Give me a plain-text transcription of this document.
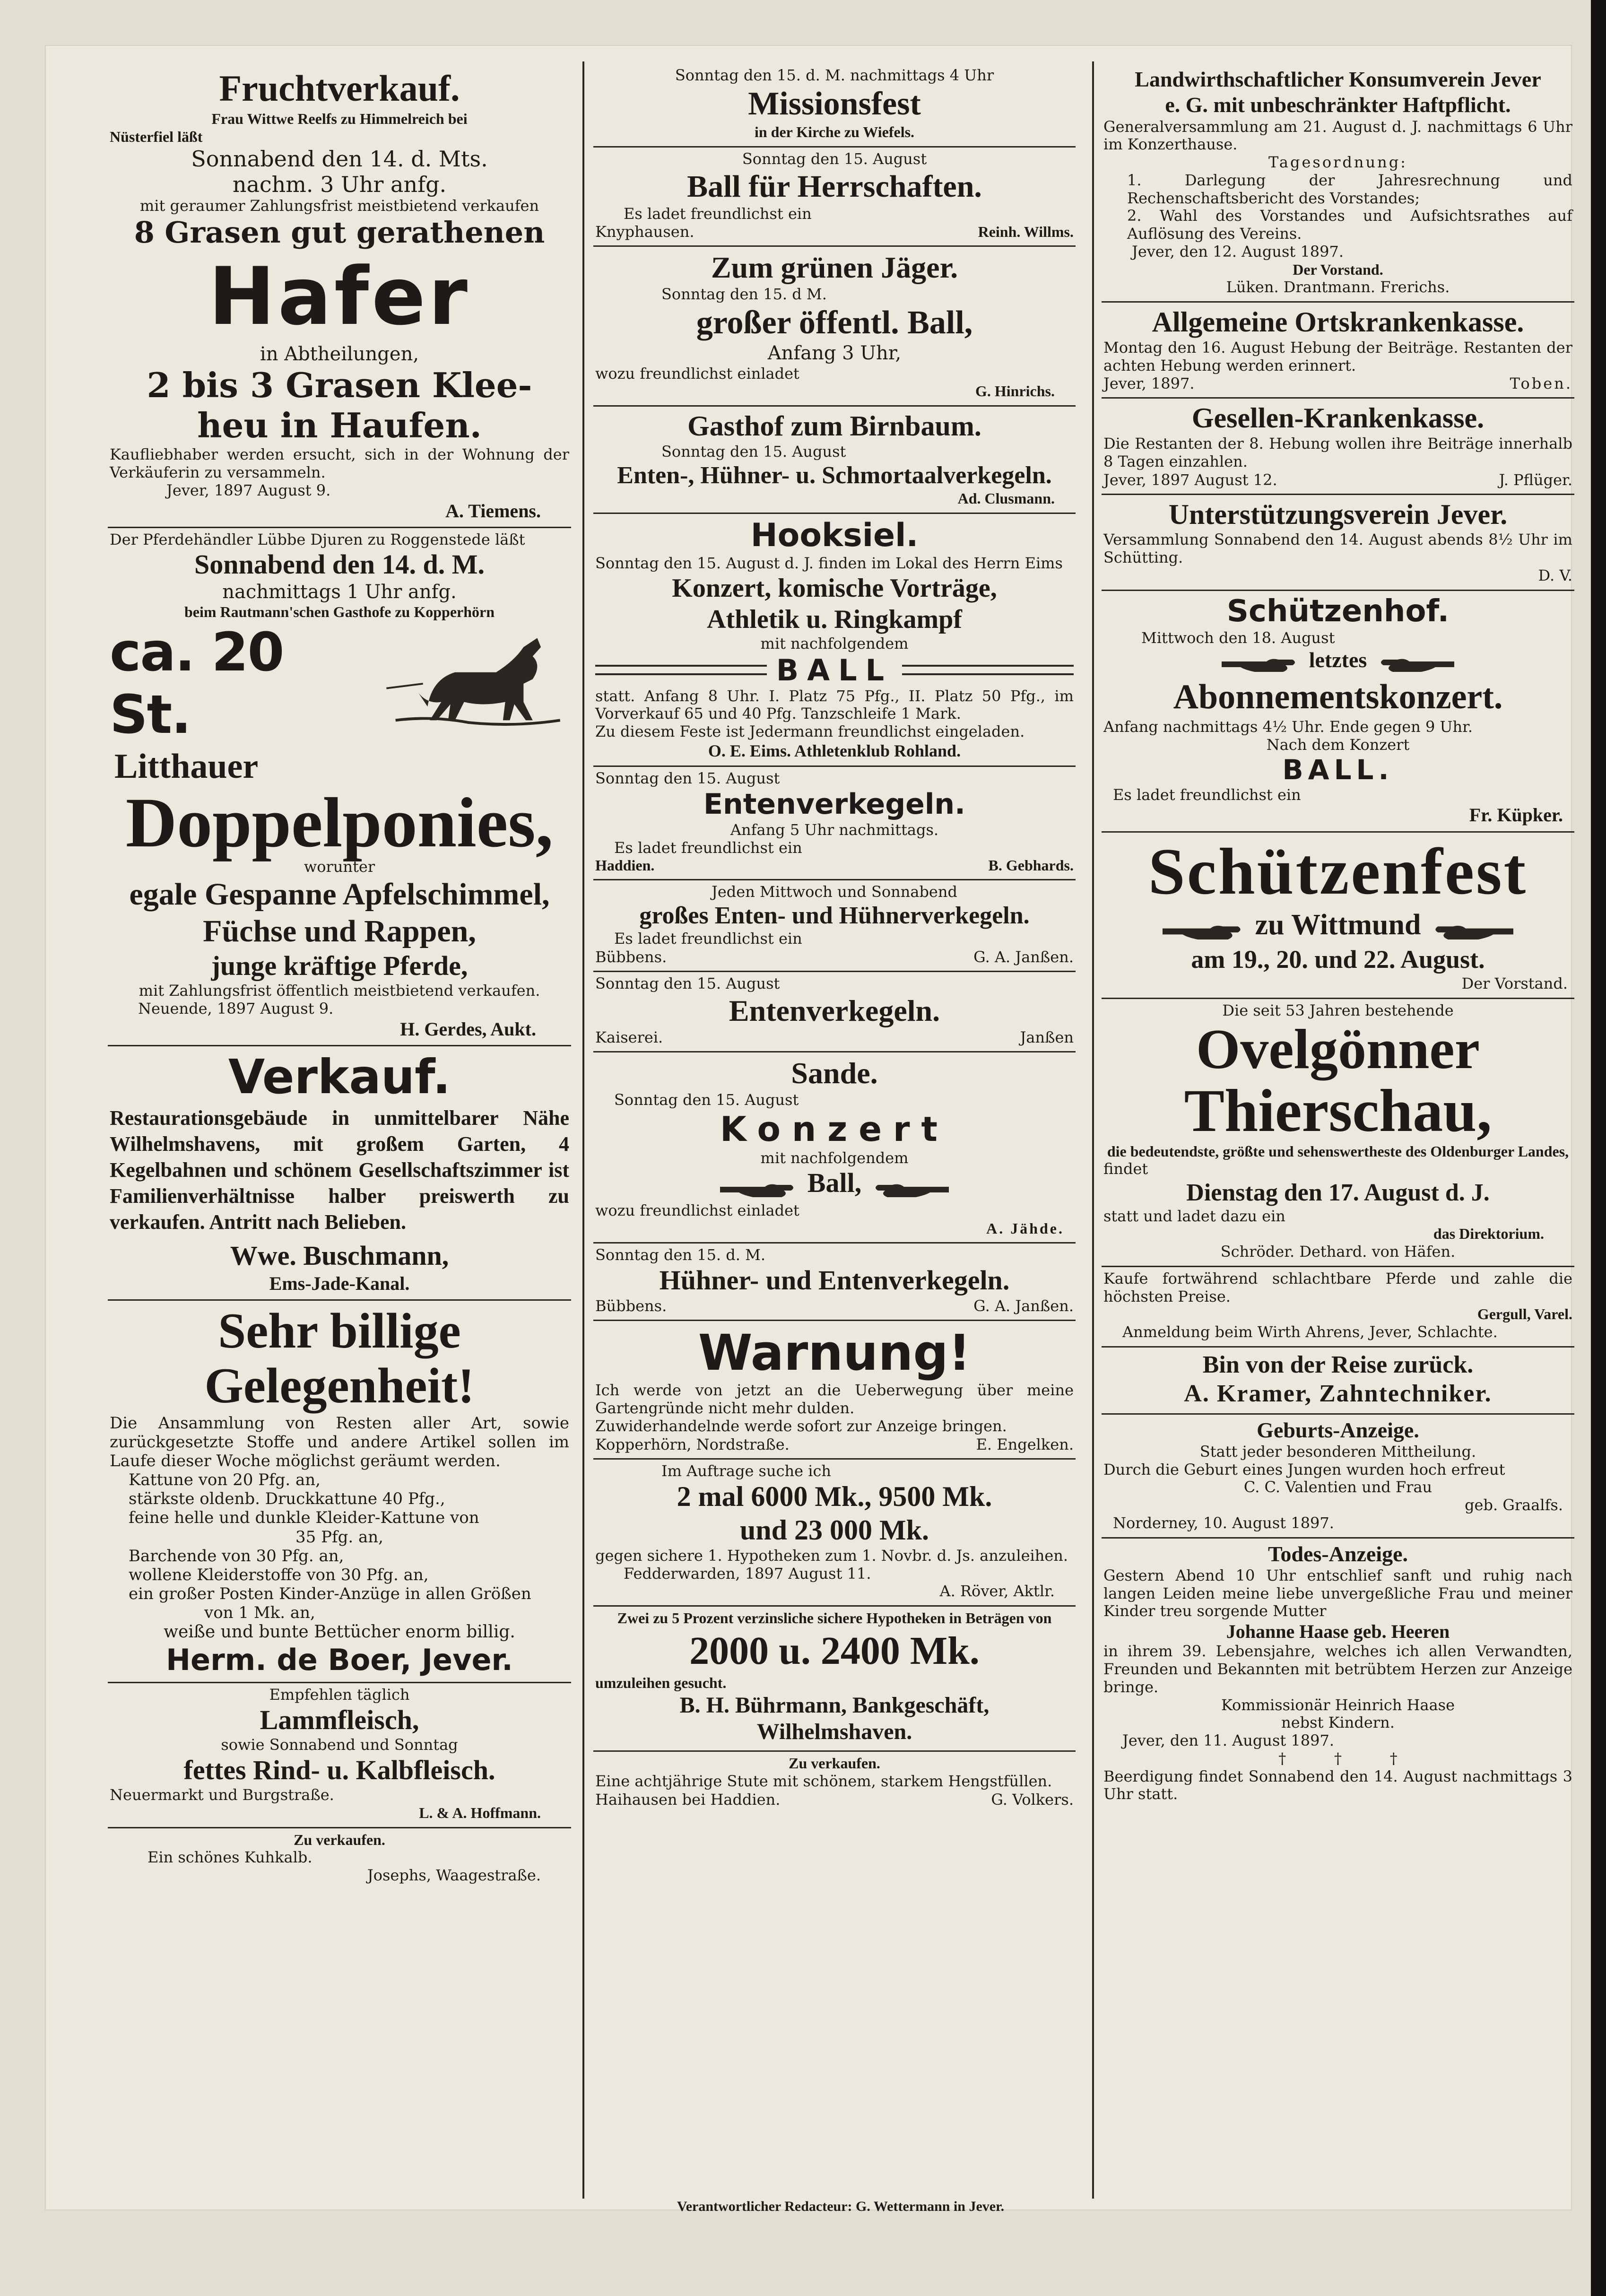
Fruchtverkauf.

Frau Wittwe Reelfs zu Himmelreich bei

Nüsterfiel läßt

Sonnabend den 14. d. Mts.

nachm. 3 Uhr anfg.

mit geraumer Zahlungsfrist meistbietend verkaufen

8 Grasen gut gerathenen

Hafer

in Abtheilungen,

2 bis 3 Grasen Klee-

heu in Haufen.

Kaufliebhaber werden ersucht, sich in der Wohnung der Verkäuferin zu versammeln.

Jever, 1897 August 9.

A. Tiemens.

Der Pferdehändler Lübbe Djuren zu Roggenstede läßt

Sonnabend den 14. d. M.

nachmittags 1 Uhr anfg.

beim Rautmann'schen Gasthofe zu Kopperhörn

ca. 20 St.

Litthauer

Doppelponies,

worunter

egale Gespanne Apfelschimmel,

Füchse und Rappen,

junge kräftige Pferde,

mit Zahlungsfrist öffentlich meistbietend verkaufen.

Neuende, 1897 August 9.

H. Gerdes, Aukt.

Verkauf.

Restaurationsgebäude in unmittelbarer Nähe Wilhelmshavens, mit großem Garten, 4 Kegelbahnen und schönem Gesellschaftszimmer ist Familienverhältnisse halber preiswerth zu verkaufen. Antritt nach Belieben.

Wwe. Buschmann,

Ems-Jade-Kanal.

Sehr billige Gelegenheit!

Die Ansammlung von Resten aller Art, sowie zurückgesetzte Stoffe und andere Artikel sollen im Laufe dieser Woche möglichst geräumt werden.

Kattune von 20 Pfg. an,

stärkste oldenb. Druckkattune 40 Pfg.,

feine helle und dunkle Kleider-Kattune von

35 Pfg. an,

Barchende von 30 Pfg. an,

wollene Kleiderstoffe von 30 Pfg. an,

ein großer Posten Kinder-Anzüge in allen Größen

von 1 Mk. an,

weiße und bunte Bettücher enorm billig.

Herm. de Boer, Jever.

Empfehlen täglich

Lammfleisch,

sowie Sonnabend und Sonntag

fettes Rind- u. Kalbfleisch.

Neuermarkt und Burgstraße.

L. & A. Hoffmann.

Zu verkaufen.

Ein schönes Kuhkalb.

Josephs, Waagestraße.

Sonntag den 15. d. M. nachmittags 4 Uhr

Missionsfest

in der Kirche zu Wiefels.

Sonntag den 15. August

Ball für Herrschaften.

Es ladet freundlichst ein

Knyphausen.	Reinh. Willms.

Zum grünen Jäger.

Sonntag den 15. d M.

großer öffentl. Ball,

Anfang 3 Uhr,

wozu freundlichst einladet

G. Hinrichs.

Gasthof zum Birnbaum.

Sonntag den 15. August

Enten-, Hühner- u. Schmortaalverkegeln.

Ad. Clusmann.

Hooksiel.

Sonntag den 15. August d. J. finden im Lokal des Herrn Eims

Konzert, komische Vorträge,

Athletik u. Ringkampf

mit nachfolgendem

BALL

statt. Anfang 8 Uhr. I. Platz 75 Pfg., II. Platz 50 Pfg., im Vorverkauf 65 und 40 Pfg. Tanzschleife 1 Mark.

Zu diesem Feste ist Jedermann freundlichst eingeladen.

O. E. Eims. Athletenklub Rohland.

Sonntag den 15. August

Entenverkegeln.

Anfang 5 Uhr nachmittags.

Es ladet freundlichst ein

Haddien.	B. Gebhards.

Jeden Mittwoch und Sonnabend

großes Enten- und Hühnerverkegeln.

Es ladet freundlichst ein

Bübbens.	G. A. Janßen.

Sonntag den 15. August

Entenverkegeln.

Kaiserei.	Janßen

Sande.

Sonntag den 15. August

Konzert

mit nachfolgendem

Ball,

wozu freundlichst einladet

A. Jähde.

Sonntag den 15. d. M.

Hühner- und Entenverkegeln.

Bübbens.	G. A. Janßen.

Warnung!

Ich werde von jetzt an die Ueberwegung über meine Gartengründe nicht mehr dulden.

Zuwiderhandelnde werde sofort zur Anzeige bringen.

Kopperhörn, Nordstraße.	E. Engelken.

Im Auftrage suche ich

2 mal 6000 Mk., 9500 Mk.

und 23 000 Mk.

gegen sichere 1. Hypotheken zum 1. Novbr. d. Js. anzuleihen.

Fedderwarden, 1897 August 11.

A. Röver, Aktlr.

Zwei zu 5 Prozent verzinsliche sichere Hypotheken in Beträgen von

2000 u. 2400 Mk.

umzuleihen gesucht.

B. H. Bührmann, Bankgeschäft,

Wilhelmshaven.

Zu verkaufen.

Eine achtjährige Stute mit schönem, starkem Hengstfüllen.

Haihausen bei Haddien.	G. Volkers.

Landwirthschaftlicher Konsumverein Jever

e. G. mit unbeschränkter Haftpflicht.

Generalversammlung am 21. August d. J. nachmittags 6 Uhr im Konzerthause.

Tagesordnung:

1. Darlegung der Jahresrechnung und Rechenschaftsbericht des Vorstandes;

2. Wahl des Vorstandes und Aufsichtsrathes auf Auflösung des Vereins.

Jever, den 12. August 1897.

Der Vorstand.

Lüken. Drantmann. Frerichs.

Allgemeine Ortskrankenkasse.

Montag den 16. August Hebung der Beiträge. Restanten der achten Hebung werden erinnert.

Jever, 1897.	Toben.

Gesellen-Krankenkasse.

Die Restanten der 8. Hebung wollen ihre Beiträge innerhalb 8 Tagen einzahlen.

Jever, 1897 August 12.	J. Pflüger.

Unterstützungsverein Jever.

Versammlung Sonnabend den 14. August abends 8½ Uhr im Schütting.

D. V.

Schützenhof.

Mittwoch den 18. August

letztes

Abonnementskonzert.

Anfang nachmittags 4½ Uhr. Ende gegen 9 Uhr.

Nach dem Konzert

BALL.

Es ladet freundlichst ein

Fr. Küpker.

Schützenfest

zu Wittmund

am 19., 20. und 22. August.

Der Vorstand.

Die seit 53 Jahren bestehende

Ovelgönner

Thierschau,

die bedeutendste, größte und sehenswertheste des Oldenburger Landes,

findet

Dienstag den 17. August d. J.

statt und ladet dazu ein

das Direktorium.

Schröder. Dethard. von Häfen.

Kaufe fortwährend schlachtbare Pferde und zahle die höchsten Preise.

Gergull, Varel.

Anmeldung beim Wirth Ahrens, Jever, Schlachte.

Bin von der Reise zurück.

A. Kramer, Zahntechniker.

Geburts-Anzeige.

Statt jeder besonderen Mittheilung.

Durch die Geburt eines Jungen wurden hoch erfreut

C. C. Valentien und Frau

geb. Graalfs.

Norderney, 10. August 1897.

Todes-Anzeige.

Gestern Abend 10 Uhr entschlief sanft und ruhig nach langen Leiden meine liebe unvergeßliche Frau und meiner Kinder treu sorgende Mutter

Johanne Haase geb. Heeren

in ihrem 39. Lebensjahre, welches ich allen Verwandten, Freunden und Bekannten mit betrübtem Herzen zur Anzeige bringe.

Kommissionär Heinrich Haase

nebst Kindern.

Jever, den 11. August 1897.

†          †          †

Beerdigung findet Sonnabend den 14. August nachmittags 3 Uhr statt.

Verantwortlicher Redacteur: G. Wettermann in Jever.
